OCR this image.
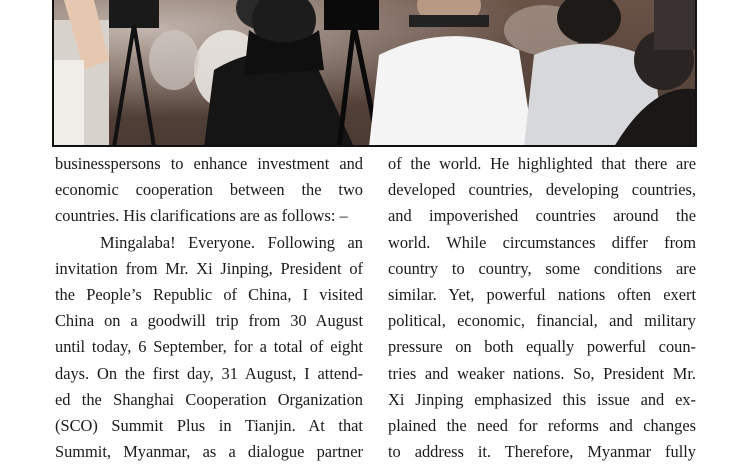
businesspersons to enhance investment and
economic cooperation between the two
countries. His clarifications are as follows: –

Mingalaba! Everyone. Following an
invitation from Mr. Xi Jinping, President of
the People’s Republic of China, I visited
China on a goodwill trip from 30 August
until today, 6 September, for a total of eight
days. On the first day, 31 August, I attend-
ed the Shanghai Cooperation Organization
(SCO) Summit Plus in Tianjin. At that
Summit, Myanmar, as a dialogue partner

of the world. He highlighted that there are
developed countries, developing countries,
and impoverished countries around the
world. While circumstances differ from
country to country, some conditions are
similar. Yet, powerful nations often exert
political, economic, financial, and military
pressure on both equally powerful coun-
tries and weaker nations. So, President Mr.
Xi Jinping emphasized this issue and ex-
plained the need for reforms and changes
to address it. Therefore, Myanmar fully
